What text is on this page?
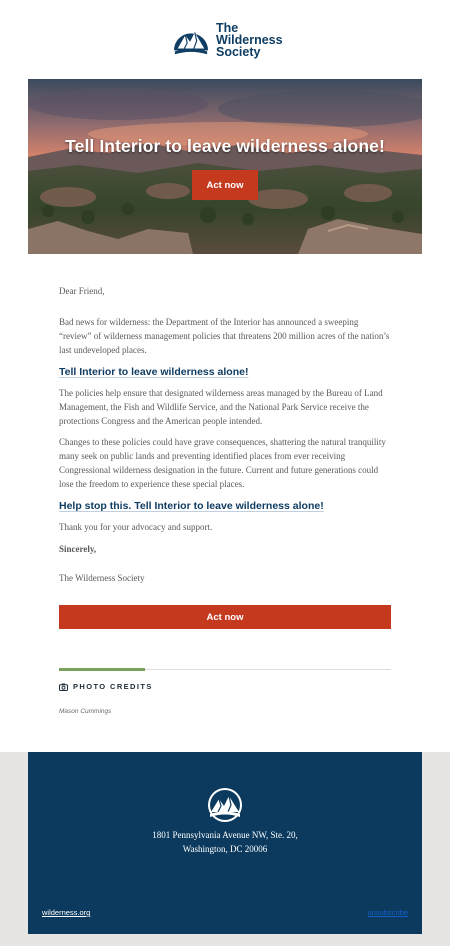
The
Wilderness
Society
Tell Interior to leave wilderness alone!
Act now

Dear Friend,

Bad news for wilderness: the Department of the Interior has announced a sweeping “review” of wilderness management policies that threatens 200 million acres of the nation’s last undeveloped places.

Tell Interior to leave wilderness alone!

The policies help ensure that designated wilderness areas managed by the Bureau of Land Management, the Fish and Wildlife Service, and the National Park Service receive the protections Congress and the American people intended.

Changes to these policies could have grave consequences, shattering the natural tranquility many seek on public lands and preventing identified places from ever receiving Congressional wilderness designation in the future. Current and future generations could lose the freedom to experience these special places.

Help stop this. Tell Interior to leave wilderness alone!

Thank you for your advocacy and support.

Sincerely,

The Wilderness Society

Act now
PHOTO CREDITS
Mason Cummings
1801 Pennsylvania Avenue NW, Ste. 20,
Washington, DC 20006
wilderness.org	unsubscribe
